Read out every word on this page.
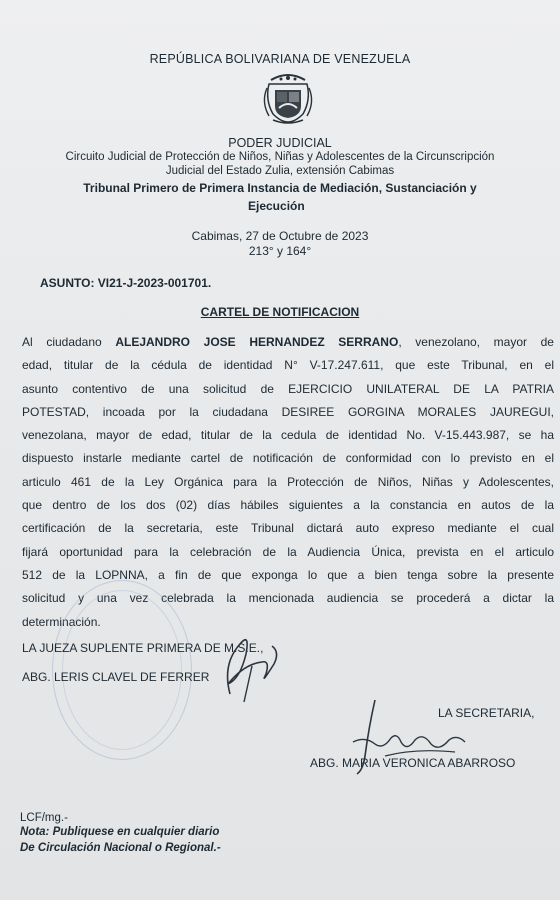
REPÚBLICA BOLIVARIANA DE VENEZUELA
PODER JUDICIAL
Circuito Judicial de Protección de Niños, Niñas y Adolescentes de la Circunscripción
Judicial del Estado Zulia, extensión Cabimas
Tribunal Primero de Primera Instancia de Mediación, Sustanciación y
Ejecución
Cabimas, 27 de Octubre de 2023
213° y 164°
ASUNTO: VI21-J-2023-001701.
CARTEL DE NOTIFICACION
Al ciudadano ALEJANDRO JOSE HERNANDEZ SERRANO, venezolano, mayor de
edad, titular de la cédula de identidad N° V-17.247.611, que este Tribunal, en el
asunto contentivo de una solicitud de EJERCICIO UNILATERAL DE LA PATRIA
POTESTAD, incoada por la ciudadana DESIREE GORGINA MORALES JAUREGUI,
venezolana, mayor de edad, titular de la cedula de identidad No. V-15.443.987, se ha
dispuesto instarle mediante cartel de notificación de conformidad con lo previsto en el
articulo 461 de la Ley Orgánica para la Protección de Niños, Niñas y Adolescentes,
que dentro de los dos (02) días hábiles siguientes a la constancia en autos de la
certificación de la secretaria, este Tribunal dictará auto expreso mediante el cual
fijará oportunidad para la celebración de la Audiencia Única, prevista en el articulo
512 de la LOPNNA, a fin de que exponga lo que a bien tenga sobre la presente
solicitud y una vez celebrada la mencionada audiencia se procederá a dictar la
determinación.
LA JUEZA SUPLENTE PRIMERA DE M.S.E.,
ABG. LERIS CLAVEL DE FERRER
LA SECRETARIA,
ABG. MARIA VERONICA ABARROSO
LCF/mg.-
Nota: Publiquese en cualquier diario
De Circulación Nacional o Regional.-
